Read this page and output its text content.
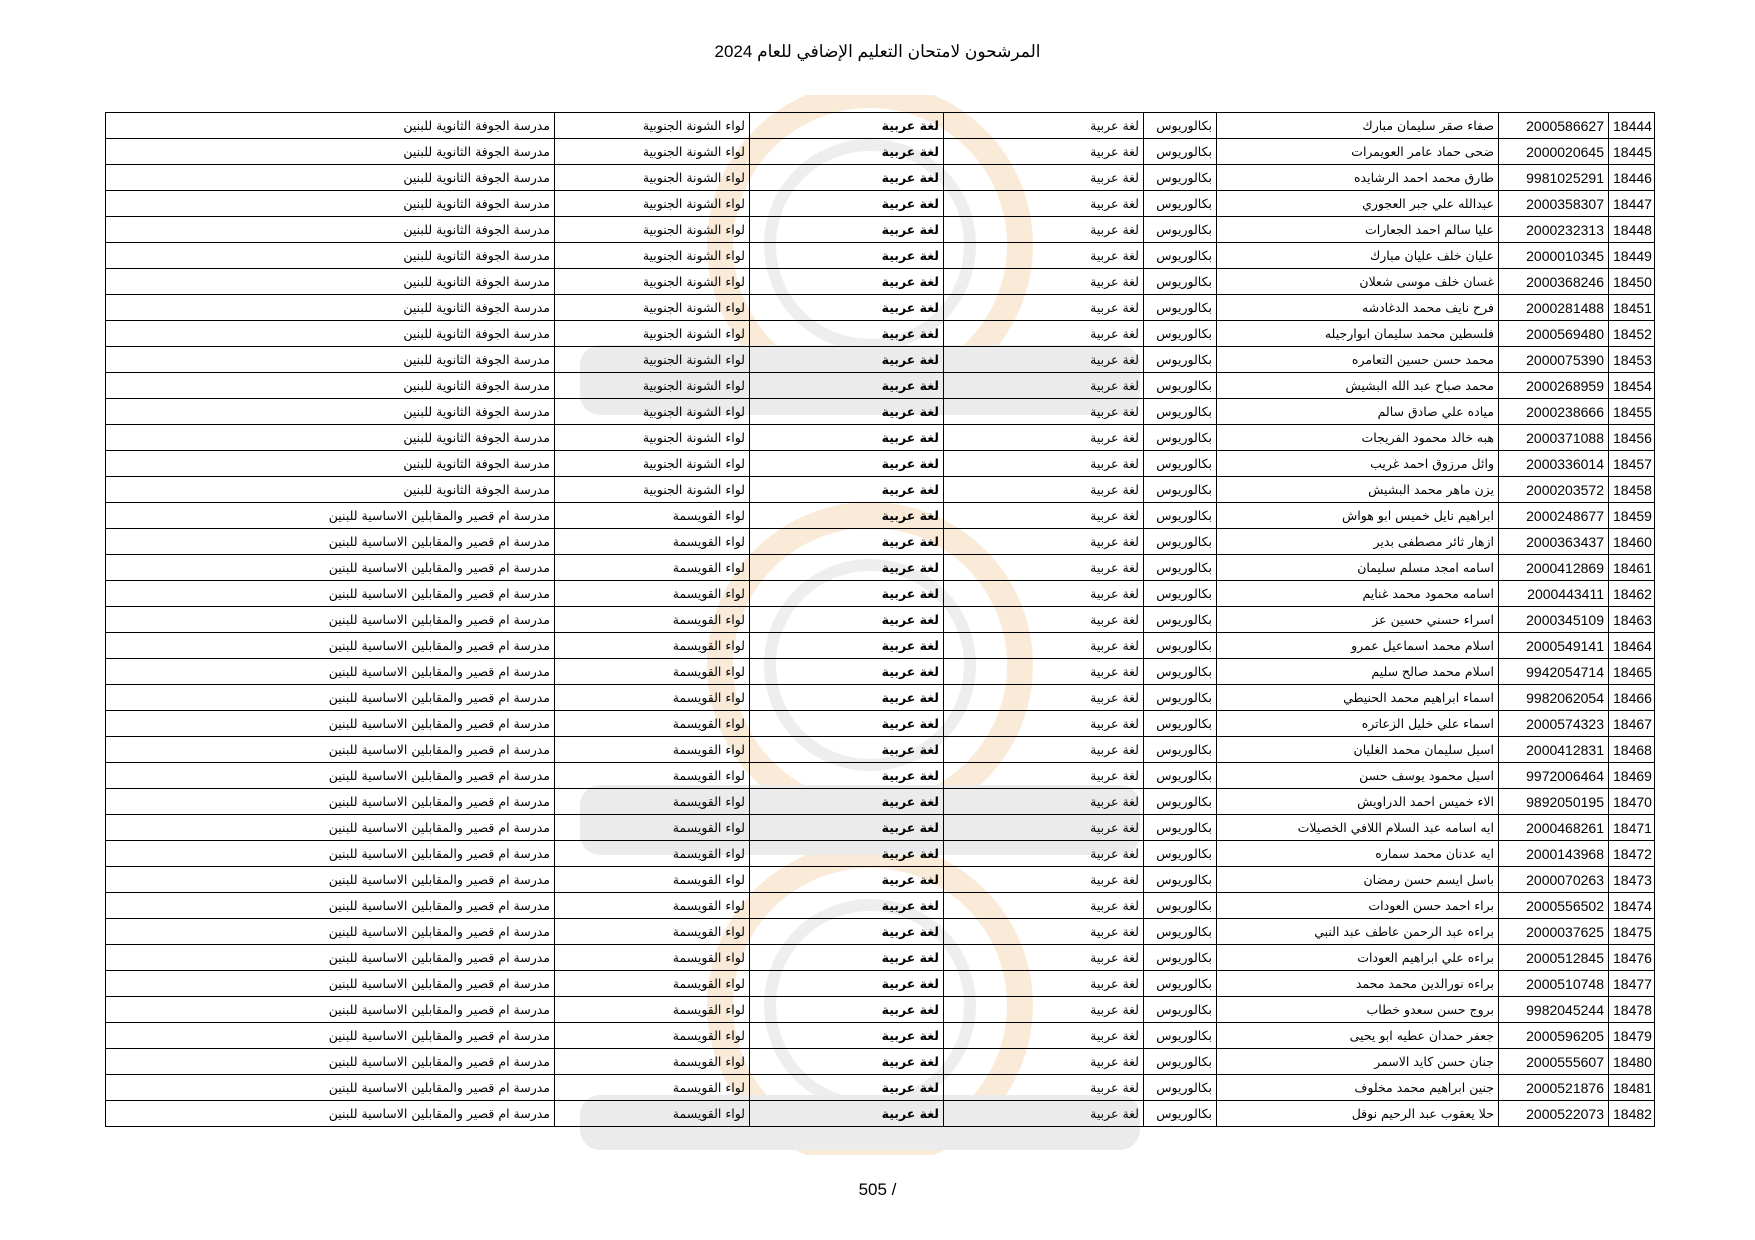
المرشحون لامتحان التعليم الإضافي للعام 2024
18444	2000586627	صفاء صقر سليمان مبارك	بكالوريوس	لغة عربية	لغة عربية	لواء الشونة الجنوبية	مدرسة الجوفة الثانوية للبنين
18445	2000020645	ضحى حماد عامر العويمرات	بكالوريوس	لغة عربية	لغة عربية	لواء الشونة الجنوبية	مدرسة الجوفة الثانوية للبنين
18446	9981025291	طارق محمد احمد الرشايده	بكالوريوس	لغة عربية	لغة عربية	لواء الشونة الجنوبية	مدرسة الجوفة الثانوية للبنين
18447	2000358307	عبدالله علي جبر العجوري	بكالوريوس	لغة عربية	لغة عربية	لواء الشونة الجنوبية	مدرسة الجوفة الثانوية للبنين
18448	2000232313	عليا سالم احمد الجعارات	بكالوريوس	لغة عربية	لغة عربية	لواء الشونة الجنوبية	مدرسة الجوفة الثانوية للبنين
18449	2000010345	عليان خلف عليان مبارك	بكالوريوس	لغة عربية	لغة عربية	لواء الشونة الجنوبية	مدرسة الجوفة الثانوية للبنين
18450	2000368246	غسان خلف موسى شعلان	بكالوريوس	لغة عربية	لغة عربية	لواء الشونة الجنوبية	مدرسة الجوفة الثانوية للبنين
18451	2000281488	فرح نايف محمد الدغادشه	بكالوريوس	لغة عربية	لغة عربية	لواء الشونة الجنوبية	مدرسة الجوفة الثانوية للبنين
18452	2000569480	فلسطين محمد سليمان ابوارجيله	بكالوريوس	لغة عربية	لغة عربية	لواء الشونة الجنوبية	مدرسة الجوفة الثانوية للبنين
18453	2000075390	محمد حسن حسين التعامره	بكالوريوس	لغة عربية	لغة عربية	لواء الشونة الجنوبية	مدرسة الجوفة الثانوية للبنين
18454	2000268959	محمد صباح عبد الله البشيش	بكالوريوس	لغة عربية	لغة عربية	لواء الشونة الجنوبية	مدرسة الجوفة الثانوية للبنين
18455	2000238666	مياده علي صادق سالم	بكالوريوس	لغة عربية	لغة عربية	لواء الشونة الجنوبية	مدرسة الجوفة الثانوية للبنين
18456	2000371088	هبه خالد محمود الفريجات	بكالوريوس	لغة عربية	لغة عربية	لواء الشونة الجنوبية	مدرسة الجوفة الثانوية للبنين
18457	2000336014	وائل مرزوق احمد غريب	بكالوريوس	لغة عربية	لغة عربية	لواء الشونة الجنوبية	مدرسة الجوفة الثانوية للبنين
18458	2000203572	يزن ماهر محمد البشيش	بكالوريوس	لغة عربية	لغة عربية	لواء الشونة الجنوبية	مدرسة الجوفة الثانوية للبنين
18459	2000248677	ابراهيم نايل خميس ابو هواش	بكالوريوس	لغة عربية	لغة عربية	لواء القويسمة	مدرسة ام قصير والمقابلين الاساسية للبنين
18460	2000363437	ازهار ثائر مصطفى بدير	بكالوريوس	لغة عربية	لغة عربية	لواء القويسمة	مدرسة ام قصير والمقابلين الاساسية للبنين
18461	2000412869	اسامه امجد مسلم سليمان	بكالوريوس	لغة عربية	لغة عربية	لواء القويسمة	مدرسة ام قصير والمقابلين الاساسية للبنين
18462	2000443411	اسامه محمود محمد غنايم	بكالوريوس	لغة عربية	لغة عربية	لواء القويسمة	مدرسة ام قصير والمقابلين الاساسية للبنين
18463	2000345109	اسراء حسني حسين عز	بكالوريوس	لغة عربية	لغة عربية	لواء القويسمة	مدرسة ام قصير والمقابلين الاساسية للبنين
18464	2000549141	اسلام محمد اسماعيل عمرو	بكالوريوس	لغة عربية	لغة عربية	لواء القويسمة	مدرسة ام قصير والمقابلين الاساسية للبنين
18465	9942054714	اسلام محمد صالح سليم	بكالوريوس	لغة عربية	لغة عربية	لواء القويسمة	مدرسة ام قصير والمقابلين الاساسية للبنين
18466	9982062054	اسماء ابراهيم محمد الحنيطي	بكالوريوس	لغة عربية	لغة عربية	لواء القويسمة	مدرسة ام قصير والمقابلين الاساسية للبنين
18467	2000574323	اسماء علي خليل الزعاتره	بكالوريوس	لغة عربية	لغة عربية	لواء القويسمة	مدرسة ام قصير والمقابلين الاساسية للبنين
18468	2000412831	اسيل سليمان محمد الغليان	بكالوريوس	لغة عربية	لغة عربية	لواء القويسمة	مدرسة ام قصير والمقابلين الاساسية للبنين
18469	9972006464	اسيل محمود يوسف حسن	بكالوريوس	لغة عربية	لغة عربية	لواء القويسمة	مدرسة ام قصير والمقابلين الاساسية للبنين
18470	9892050195	الاء خميس احمد الدراويش	بكالوريوس	لغة عربية	لغة عربية	لواء القويسمة	مدرسة ام قصير والمقابلين الاساسية للبنين
18471	2000468261	ايه اسامه عبد السلام اللافي الخصيلات	بكالوريوس	لغة عربية	لغة عربية	لواء القويسمة	مدرسة ام قصير والمقابلين الاساسية للبنين
18472	2000143968	ايه عدنان محمد سماره	بكالوريوس	لغة عربية	لغة عربية	لواء القويسمة	مدرسة ام قصير والمقابلين الاساسية للبنين
18473	2000070263	باسل ايسم حسن رمضان	بكالوريوس	لغة عربية	لغة عربية	لواء القويسمة	مدرسة ام قصير والمقابلين الاساسية للبنين
18474	2000556502	براء احمد حسن العودات	بكالوريوس	لغة عربية	لغة عربية	لواء القويسمة	مدرسة ام قصير والمقابلين الاساسية للبنين
18475	2000037625	براءه عبد الرحمن عاطف عبد النبي	بكالوريوس	لغة عربية	لغة عربية	لواء القويسمة	مدرسة ام قصير والمقابلين الاساسية للبنين
18476	2000512845	براءه علي ابراهيم العودات	بكالوريوس	لغة عربية	لغة عربية	لواء القويسمة	مدرسة ام قصير والمقابلين الاساسية للبنين
18477	2000510748	براءه نورالدين محمد محمد	بكالوريوس	لغة عربية	لغة عربية	لواء القويسمة	مدرسة ام قصير والمقابلين الاساسية للبنين
18478	9982045244	بروج حسن سعدو خطاب	بكالوريوس	لغة عربية	لغة عربية	لواء القويسمة	مدرسة ام قصير والمقابلين الاساسية للبنين
18479	2000596205	جعفر حمدان عطيه ابو يحيى	بكالوريوس	لغة عربية	لغة عربية	لواء القويسمة	مدرسة ام قصير والمقابلين الاساسية للبنين
18480	2000555607	جنان حسن كايد الاسمر	بكالوريوس	لغة عربية	لغة عربية	لواء القويسمة	مدرسة ام قصير والمقابلين الاساسية للبنين
18481	2000521876	جنين ابراهيم محمد مخلوف	بكالوريوس	لغة عربية	لغة عربية	لواء القويسمة	مدرسة ام قصير والمقابلين الاساسية للبنين
18482	2000522073	حلا يعقوب عبد الرحيم نوفل	بكالوريوس	لغة عربية	لغة عربية	لواء القويسمة	مدرسة ام قصير والمقابلين الاساسية للبنين
505 /
